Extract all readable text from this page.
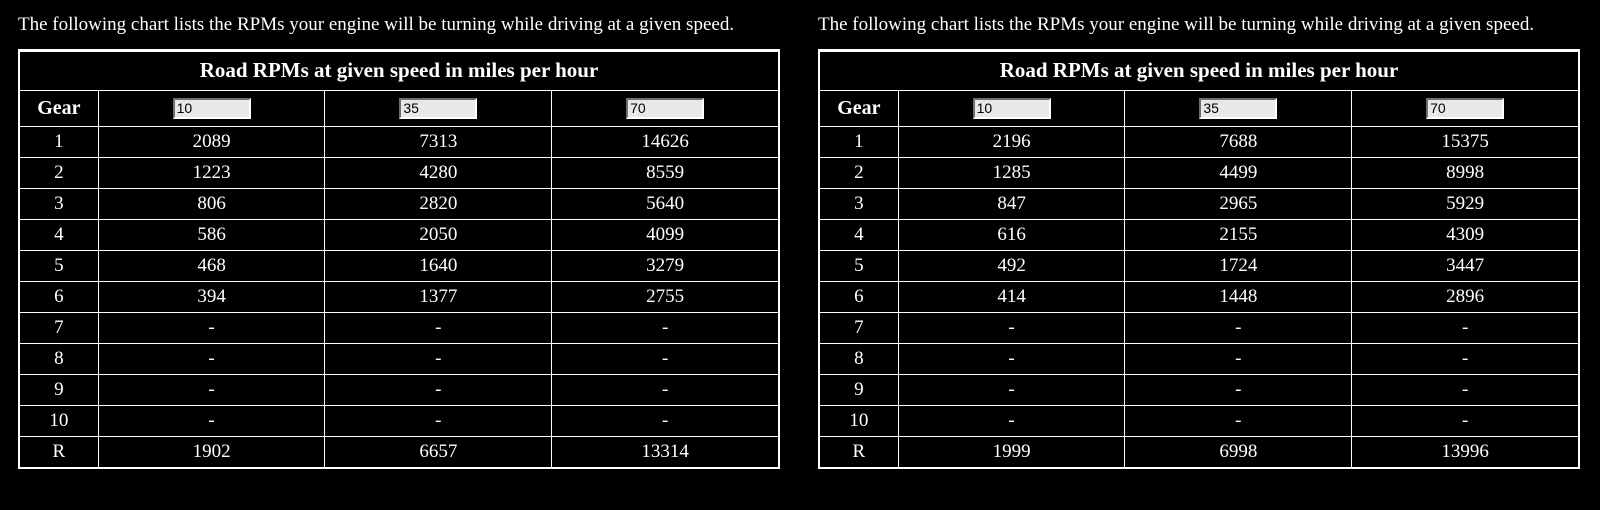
The following chart lists the RPMs your engine will be turning while driving at a given speed.

Road RPMs at given speed in miles per hour			
Gear	10	35	70
1	2089	7313	14626
2	1223	4280	8559
3	806	2820	5640
4	586	2050	4099
5	468	1640	3279
6	394	1377	2755
7	-	-	-
8	-	-	-
9	-	-	-
10	-	-	-
R	1902	6657	13314

The following chart lists the RPMs your engine will be turning while driving at a given speed.

Road RPMs at given speed in miles per hour			
Gear	10	35	70
1	2196	7688	15375
2	1285	4499	8998
3	847	2965	5929
4	616	2155	4309
5	492	1724	3447
6	414	1448	2896
7	-	-	-
8	-	-	-
9	-	-	-
10	-	-	-
R	1999	6998	13996
